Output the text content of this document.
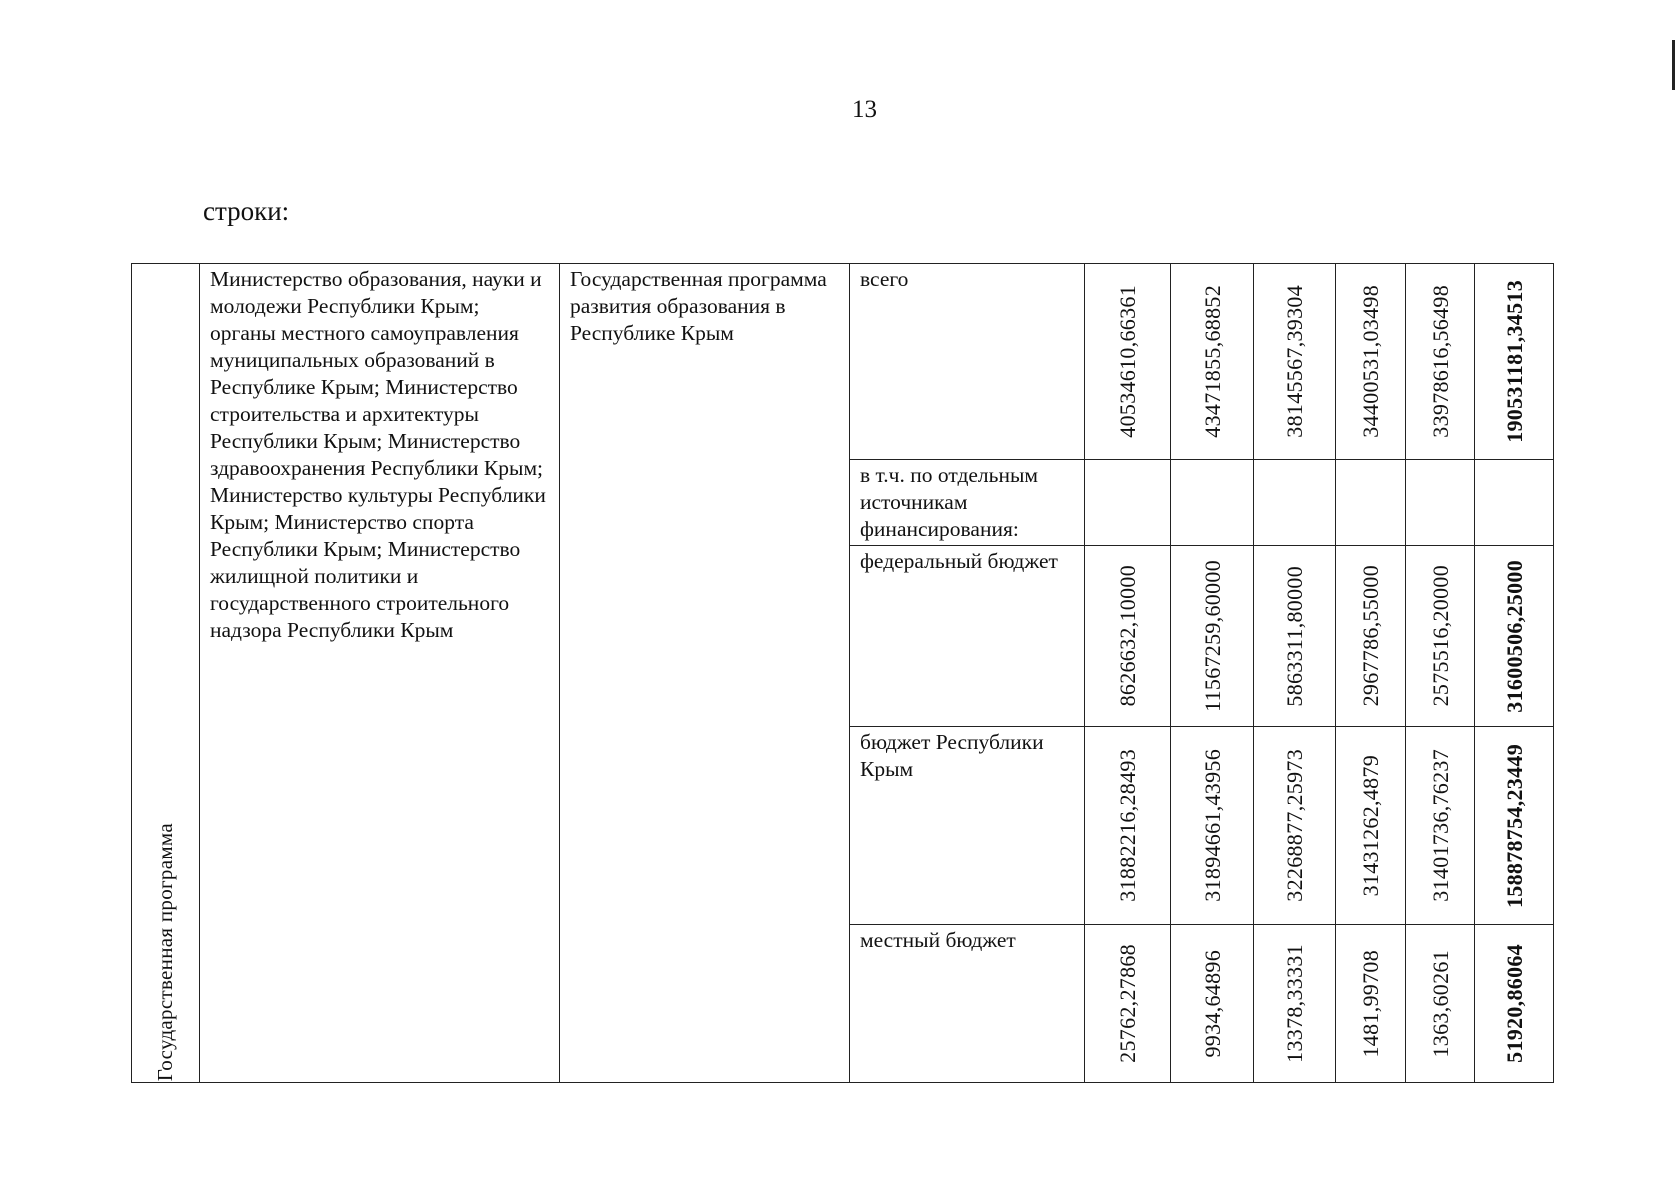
13
строки:
Государственная программа	Министерство образования, науки и молодежи Республики Крым; органы местного самоуправления муниципальных образований в Республике Крым; Министерство строительства и архитектуры Республики Крым; Министерство здравоохранения Республики Крым; Министерство культуры Республики Крым; Министерство спорта Республики Крым; Министерство жилищной политики и государственного строительного надзора Республики Крым	Государственная программа развития образования в Республике Крым	всего	40534610,66361	43471855,68852	38145567,39304	34400531,03498	33978616,56498	190531181,34513

			в т.ч. по отдельным источникам финансирования:						
			федеральный бюджет	8626632,10000	11567259,60000	5863311,80000	2967786,55000	2575516,20000	31600506,25000

			бюджет Республики Крым	31882216,28493	31894661,43956	32268877,25973	31431262,4879	31401736,76237	158878754,23449

			местный бюджет	25762,27868	9934,64896	13378,33331	1481,99708	1363,60261	51920,86064
